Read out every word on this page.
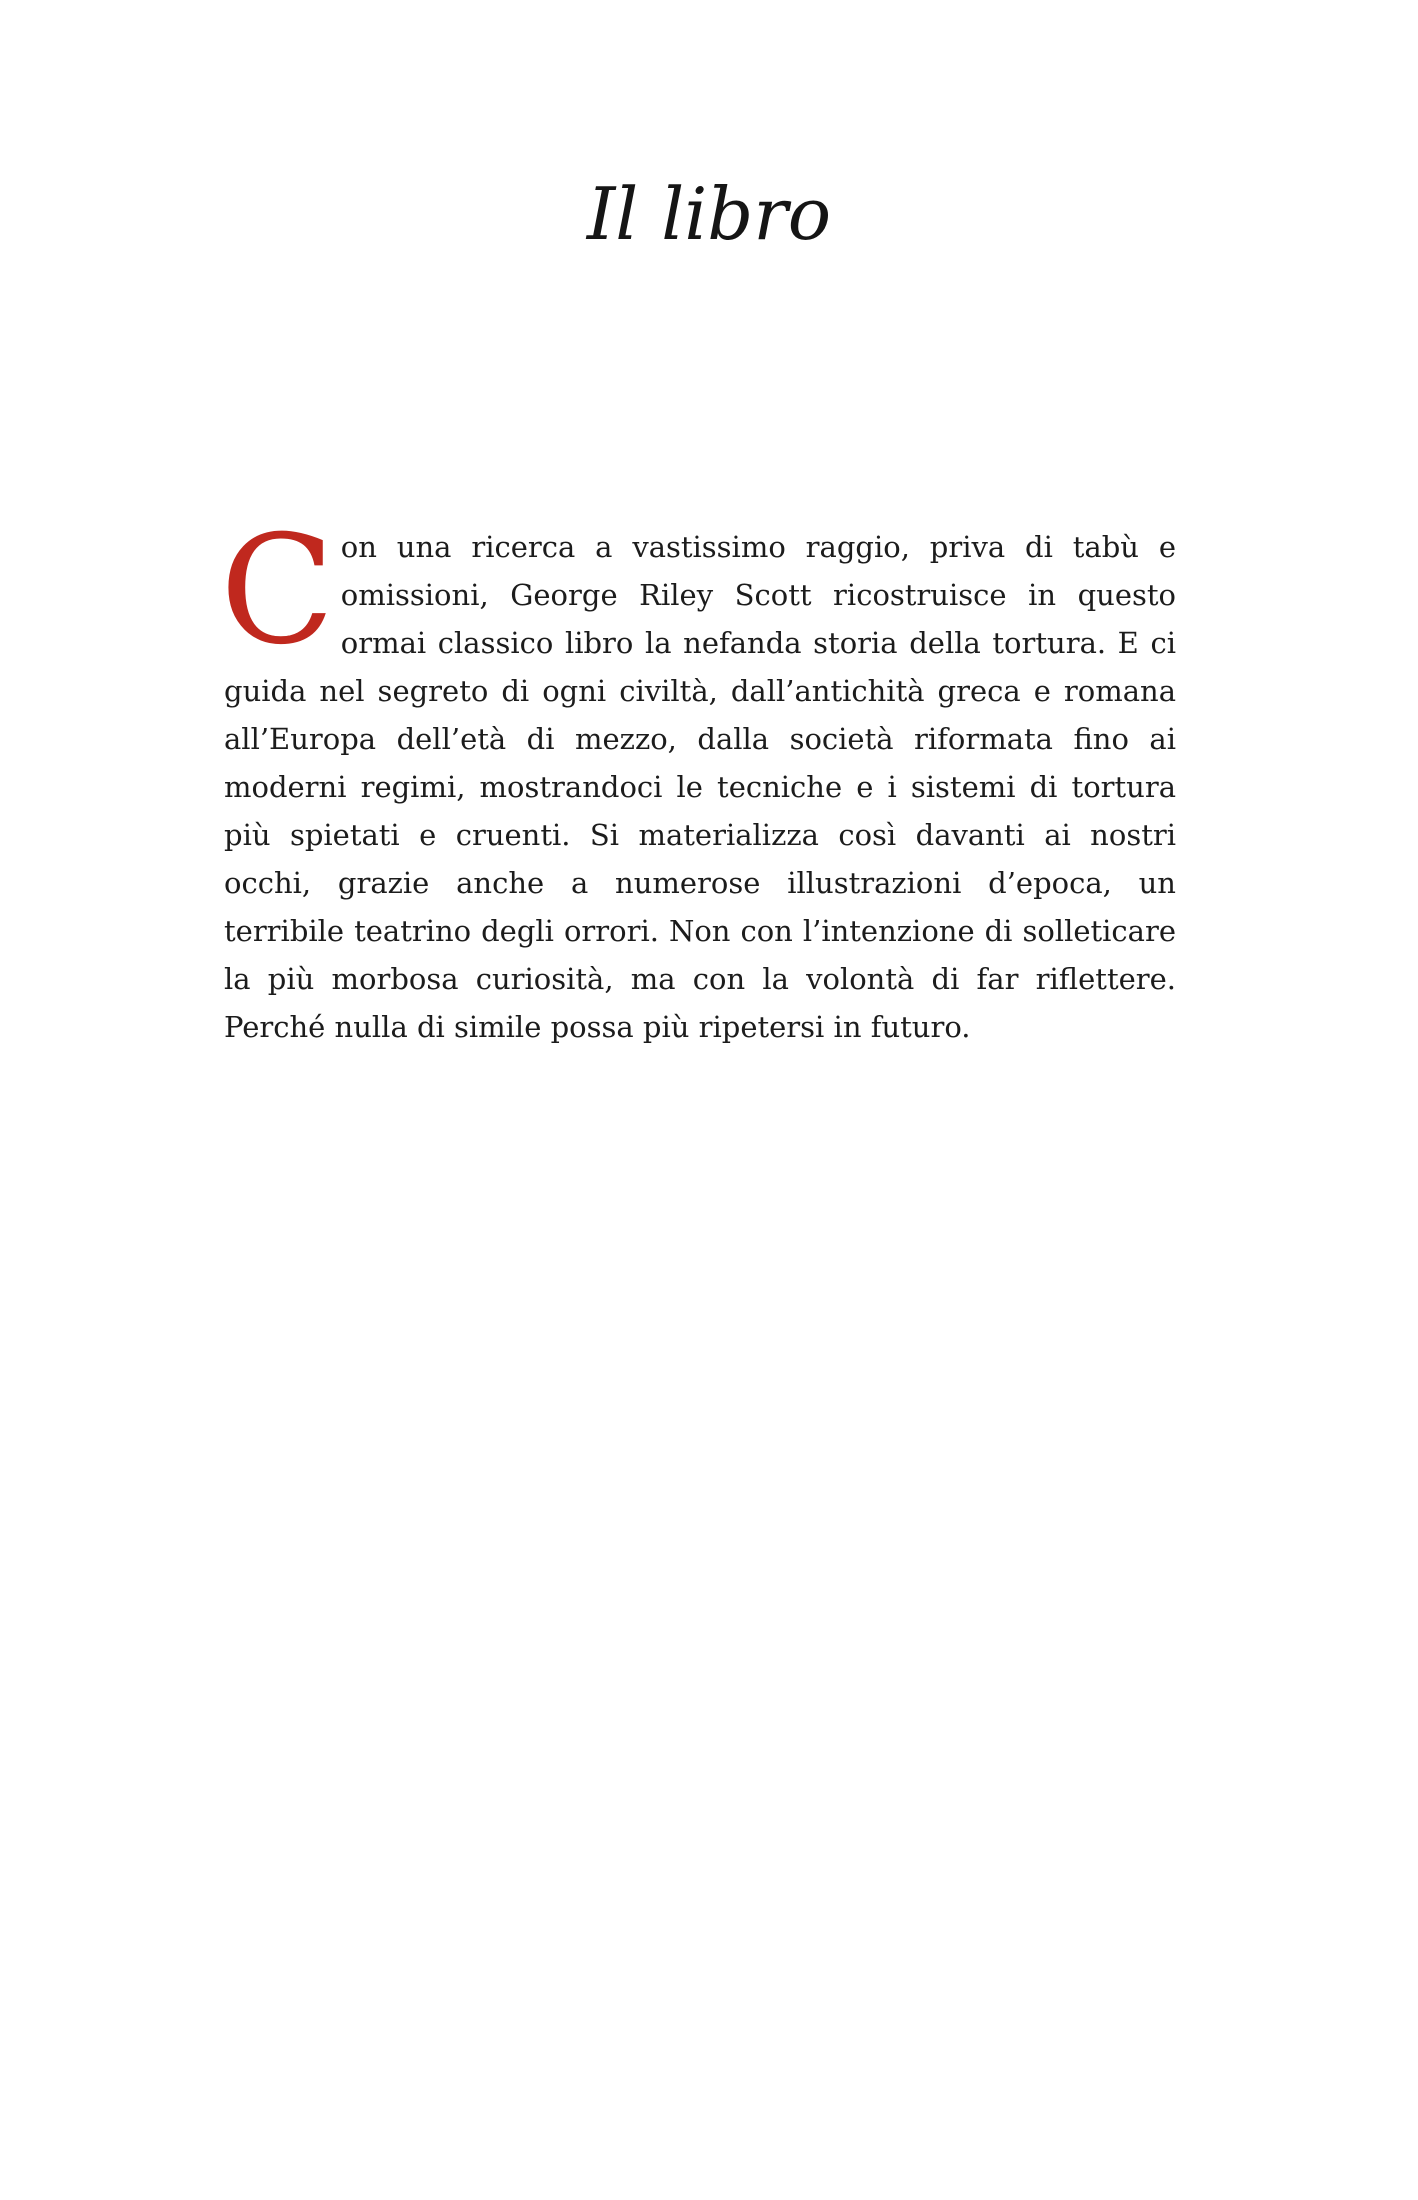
Il libro

Con una ricerca a vastissimo raggio, priva di tabù e omissioni, George Riley Scott ricostruisce in questo ormai classico libro la nefanda storia della tortura. E ci guida nel segreto di ogni civiltà, dall’antichità greca e romana all’Europa dell’età di mezzo, dalla società riformata fino ai moderni regimi, mostrandoci le tecniche e i sistemi di tortura più spietati e cruenti. Si materializza così davanti ai nostri occhi, grazie anche a numerose illustrazioni d’epoca, un terribile teatrino degli orrori. Non con l’intenzione di solleticare la più morbosa curiosità, ma con la volontà di far riflettere. Perché nulla di simile possa più ripetersi in futuro.
